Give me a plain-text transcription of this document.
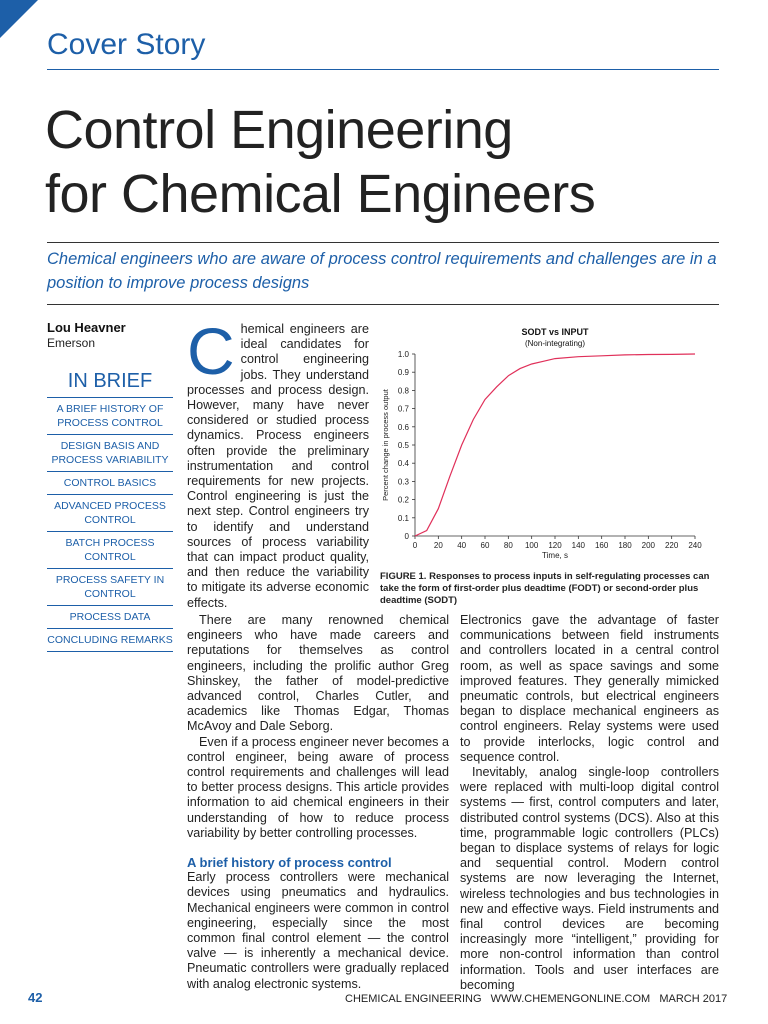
Cover Story
Control Engineering
for Chemical Engineers

Chemical engineers who are aware of process control requirements and challenges are in a position to improve process designs

Lou Heavner
Emerson
IN BRIEF
A BRIEF HISTORY OF PROCESS CONTROL
DESIGN BASIS AND PROCESS VARIABILITY
CONTROL BASICS
ADVANCED PROCESS CONTROL
BATCH PROCESS CONTROL
PROCESS SAFETY IN CONTROL
PROCESS DATA
CONCLUDING REMARKS

Chemical engineers are ideal candidates for control engineering jobs. They understand processes and process design. However, many have never considered or studied process dynamics. Process engineers often provide the preliminary instrumentation and control requirements for new projects. Control engineering is just the next step. Control engineers try to identify and understand sources of process variability that can impact product quality, and then reduce the variability to mitigate its adverse economic effects.

There are many renowned chemical engineers who have made careers and reputations for themselves as control engineers, including the prolific author Greg Shinskey, the father of model-predictive advanced control, Charles Cutler, and academics like Thomas Edgar, Thomas McAvoy and Dale Seborg.

Even if a process engineer never becomes a control engineer, being aware of process control requirements and challenges will lead to better process designs. This article provides information to aid chemical engineers in their understanding of how to reduce process variability by better controlling processes.

A brief history of process control

Early process controllers were mechanical devices using pneumatics and hydraulics. Mechanical engineers were common in control engineering, especially since the most common final control element — the control valve — is inherently a mechanical device. Pneumatic controllers were gradually replaced with analog electronic systems.

Electronics gave the advantage of faster communications between field instruments and controllers located in a central control room, as well as space savings and some improved features. They generally mimicked pneumatic controls, but electrical engineers began to displace mechanical engineers as control engineers. Relay systems were used to provide interlocks, logic control and sequence control.

Inevitably, analog single-loop controllers were replaced with multi-loop digital control systems — first, control computers and later, distributed control systems (DCS). Also at this time, programmable logic controllers (PLCs) began to displace systems of relays for logic and sequential control. Modern control systems are now leveraging the Internet, wireless technologies and bus technologies in new and effective ways. Field instruments and final control devices are becoming increasingly more “intelligent,” providing for more non-control information than control information. Tools and user interfaces are becoming

SODT vs INPUT
(Non-integrating)
0
0.1
0.2
0.3
0.4
0.5
0.6
0.7
0.8
0.9
1.0
0 20 40 60 80 100 120 140 160 180 200 220 240
Time, s
Percent change in process output

FIGURE 1. Responses to process inputs in self-regulating processes can take the form of first-order plus deadtime (FODT) or second-order plus deadtime (SODT)

42	CHEMICAL ENGINEERING   WWW.CHEMENGONLINE.COM   MARCH 2017
